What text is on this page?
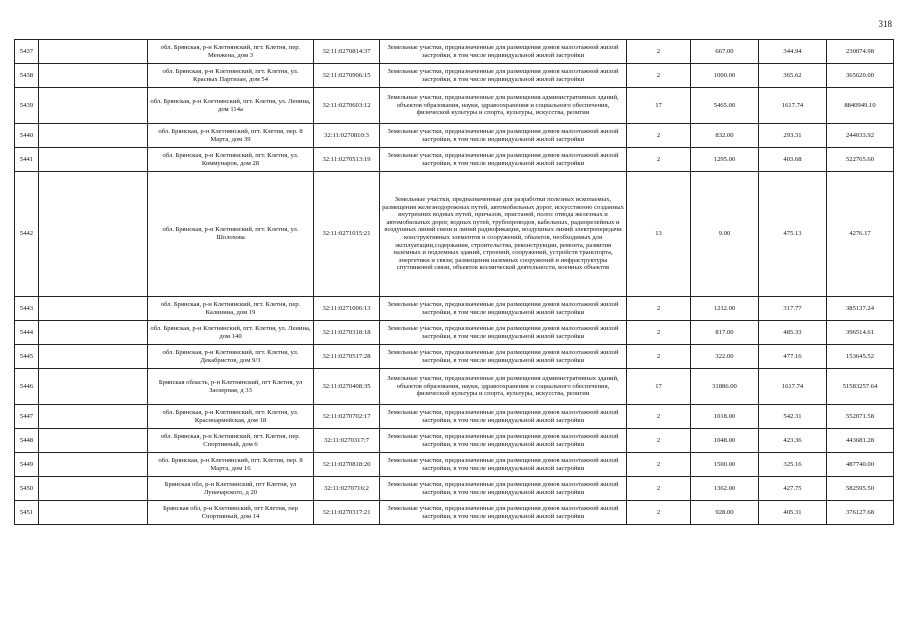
318
5437		обл. Брянская, р-н Клетнянский, пгт. Клетня, пер. Менжена, дом 3	32:11:0270814:37	Земельные участки, предназначенные для размещения домов малоэтажной жилой застройки, в том числе индивидуальной жилой застройки	2	667.00	344.94	230074.98
5438		обл. Брянская, р-н Клетнянский, пгт. Клетня, ул. Красных Партизан, дом 54	32:11:0270906:15	Земельные участки, предназначенные для размещения домов малоэтажной жилой застройки, в том числе индивидуальной жилой застройки	2	1000.00	365.62	365620.00
5439		обл. Брянская, р-н Клетнянский, пгт. Клетня, ул. Ленина, дом 114а	32:11:0270603:12	Земельные участки, предназначенные для размещения административных зданий, объектов образования, науки, здравоохранения и социального обеспечения, физической культуры и спорта, культуры, искусства, религии	17	5465.00	1617.74	8840949.10
5440		обл. Брянская, р-н Клетнянский, пгт. Клетня, пер. 8 Марта, дом 39	32:11:0270810:3	Земельные участки, предназначенные для размещения домов малоэтажной жилой застройки, в том числе индивидуальной жилой застройки	2	832.00	293.31	244033.92
5441		обл. Брянская, р-н Клетнянский, пгт. Клетня, ул. Коммунаров, дом 28	32:11:0270513:19	Земельные участки, предназначенные для размещения домов малоэтажной жилой застройки, в том числе индивидуальной жилой застройки	2	1295.00	403.68	522765.60
5442		обл. Брянская, р-н Клетнянский, пгт. Клетня, ул. Шолохова	32:11:0271015:21	Земельные участки, предназначенные для разработки полезных ископаемых, размещения железнодорожных путей, автомобильных дорог, искусственно созданных внутренних водных путей, причалов, пристаней, полос отвода железных и автомобильных дорог, водных путей, трубопроводов, кабельных, радиорелейных и воздушных линий связи и линий радиофикации, воздушных линий электропередачи конструктивных элементов и сооружений, объектов, необходимых для эксплуатации,содержания, строительства, реконструкции, ремонта, развития наземных и подземных зданий, строений, сооружений, устройств транспорта, энергетики и связи; размещения наземных сооружений и инфраструктуры спутниковой связи, объектов космической деятельности, военных объектов	13	9.00	475.13	4276.17
5443		обл. Брянская, р-н Клетнянский, пгт. Клетня, пер. Калинина, дом 19	32:11:0271006:13	Земельные участки, предназначенные для размещения домов малоэтажной жилой застройки, в том числе индивидуальной жилой застройки	2	1212.00	317.77	385137.24
5444		обл. Брянская, р-н Клетнянский, пгт. Клетня, ул. Ленина, дом 140	32:11:0270318:18	Земельные участки, предназначенные для размещения домов малоэтажной жилой застройки, в том числе индивидуальной жилой застройки	2	817.00	485.33	396514.61
5445		обл. Брянская, р-н Клетнянский, пгт. Клетня, ул. Декабристов, дом 9/3	32:11:0270517:28	Земельные участки, предназначенные для размещения домов малоэтажной жилой застройки, в том числе индивидуальной жилой застройки	2	322.00	477.16	153645.52
5446		Брянская область, р-н Клетнянский, пгт Клетня, ул Заозерная, д 33	32:11:0270408:35	Земельные участки, предназначенные для размещения административных зданий, объектов образования, науки, здравоохранения и социального обеспечения, физической культуры и спорта, культуры, искусства, религии	17	31886.00	1617.74	51583257.64
5447		обл. Брянская, р-н Клетнянский, пгт. Клетня, ул. Красноармейская, дом 18	32:11:0270702:17	Земельные участки, предназначенные для размещения домов малоэтажной жилой застройки, в том числе индивидуальной жилой застройки	2	1018.00	542.31	552071.58
5448		обл. Брянская, р-н Клетнянский, пгт. Клетня, пер. Спортивный, дом 6	32:11:0270317:7	Земельные участки, предназначенные для размещения домов малоэтажной жилой застройки, в том числе индивидуальной жилой застройки	2	1048.00	423.36	443681.28
5449		обл. Брянская, р-н Клетнянский, пгт. Клетня, пер. 8 Марта, дом 16	32:11:0270818:20	Земельные участки, предназначенные для размещения домов малоэтажной жилой застройки, в том числе индивидуальной жилой застройки	2	1500.00	325.16	487740.00
5450		Брянская обл, р-н Клетнянский, пгт Клетня, ул Луначарского, д 20	32:11:0270716:2	Земельные участки, предназначенные для размещения домов малоэтажной жилой застройки, в том числе индивидуальной жилой застройки	2	1362.00	427.75	582595.50
5451		Брянская обл, р-н Клетнянский, пгт Клетня, пер Спортивный, дом 14	32:11:0270317:21	Земельные участки, предназначенные для размещения домов малоэтажной жилой застройки, в том числе индивидуальной жилой застройки	2	928.00	405.31	376127.68
